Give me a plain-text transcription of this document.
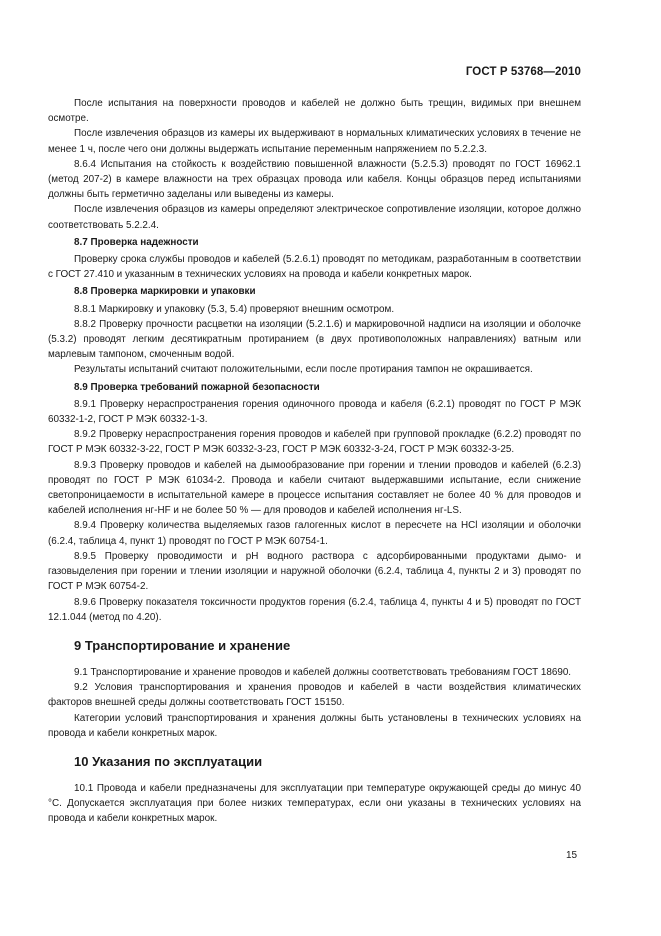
ГОСТ Р 53768—2010

После испытания на поверхности проводов и кабелей не должно быть трещин, видимых при внешнем осмотре.

После извлечения образцов из камеры их выдерживают в нормальных климатических условиях в течение не менее 1 ч, после чего они должны выдержать испытание переменным напряжением по 5.2.2.3.

8.6.4 Испытания на стойкость к воздействию повышенной влажности (5.2.5.3) проводят по ГОСТ 16962.1 (метод 207-2) в камере влажности на трех образцах провода или кабеля. Концы образцов перед испытаниями должны быть герметично заделаны или выведены из камеры.

После извлечения образцов из камеры определяют электрическое сопротивление изоляции, которое должно соответствовать 5.2.2.4.

8.7 Проверка надежности

Проверку срока службы проводов и кабелей (5.2.6.1) проводят по методикам, разработанным в соответствии с ГОСТ 27.410 и указанным в технических условиях на провода и кабели конкретных марок.

8.8 Проверка маркировки и упаковки

8.8.1 Маркировку и упаковку (5.3, 5.4) проверяют внешним осмотром.

8.8.2 Проверку прочности расцветки на изоляции (5.2.1.6) и маркировочной надписи на изоляции и оболочке (5.3.2) проводят легким десятикратным протиранием (в двух противоположных направлениях) ватным или марлевым тампоном, смоченным водой.

Результаты испытаний считают положительными, если после протирания тампон не окрашивается.

8.9 Проверка требований пожарной безопасности

8.9.1 Проверку нераспространения горения одиночного провода и кабеля (6.2.1) проводят по ГОСТ Р МЭК 60332-1-2, ГОСТ Р МЭК 60332-1-3.

8.9.2 Проверку нераспространения горения проводов и кабелей при групповой прокладке (6.2.2) проводят по ГОСТ Р МЭК 60332-3-22, ГОСТ Р МЭК 60332-3-23, ГОСТ Р МЭК 60332-3-24, ГОСТ Р МЭК 60332-3-25.

8.9.3 Проверку проводов и кабелей на дымообразование при горении и тлении проводов и кабелей (6.2.3) проводят по ГОСТ Р МЭК 61034-2. Провода и кабели считают выдержавшими испытание, если снижение светопроницаемости в испытательной камере в процессе испытания составляет не более 40 % для проводов и кабелей исполнения нг-HF и не более 50 % — для проводов и кабелей исполнения нг-LS.

8.9.4 Проверку количества выделяемых газов галогенных кислот в пересчете на HCl изоляции и оболочки (6.2.4, таблица 4, пункт 1) проводят по ГОСТ Р МЭК 60754-1.

8.9.5 Проверку проводимости и pH водного раствора с адсорбированными продуктами дымо- и газовыделения при горении и тлении изоляции и наружной оболочки (6.2.4, таблица 4, пункты 2 и 3) проводят по ГОСТ Р МЭК 60754-2.

8.9.6 Проверку показателя токсичности продуктов горения (6.2.4, таблица 4, пункты 4 и 5) проводят по ГОСТ 12.1.044 (метод по 4.20).

9 Транспортирование и хранение

9.1 Транспортирование и хранение проводов и кабелей должны соответствовать требованиям ГОСТ 18690.

9.2 Условия транспортирования и хранения проводов и кабелей в части воздействия климатических факторов внешней среды должны соответствовать ГОСТ 15150.

Категории условий транспортирования и хранения должны быть установлены в технических условиях на провода и кабели конкретных марок.

10 Указания по эксплуатации

10.1 Провода и кабели предназначены для эксплуатации при температуре окружающей среды до минус 40 °С. Допускается эксплуатация при более низких температурах, если они указаны в технических условиях на провода и кабели конкретных марок.

15
